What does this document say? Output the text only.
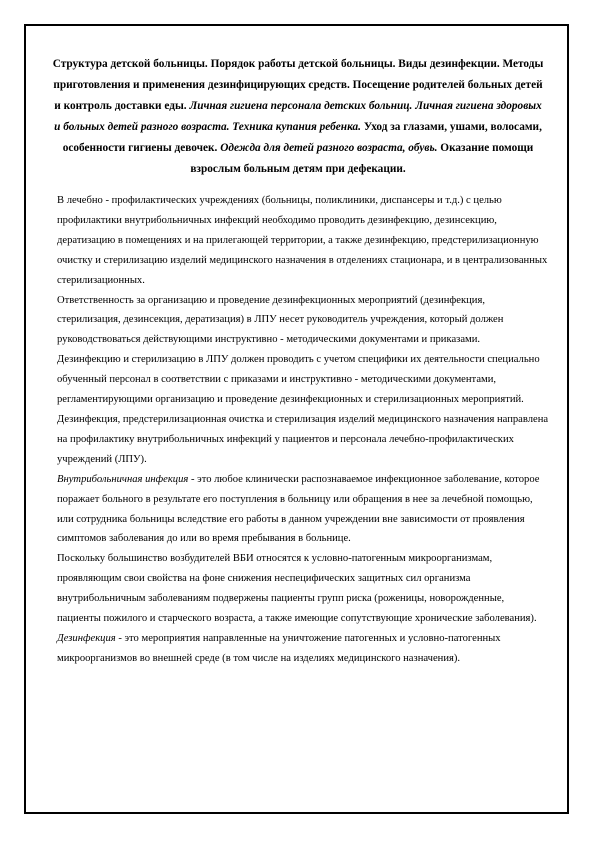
Структура детской больницы. Порядок работы детской больницы. Виды дезинфекции. Методы приготовления и применения дезинфицирующих средств. Посещение родителей больных детей и контроль доставки еды. Личная гигиена персонала детских больниц. Личная гигиена здоровых и больных детей разного возраста. Техника купания ребенка. Уход за глазами, ушами, волосами, особенности гигиены девочек. Одежда для детей разного возраста, обувь. Оказание помощи взрослым больным детям при дефекации.

В лечебно - профилактических учреждениях (больницы, поликлиники, диспансеры и т.д.) с целью профилактики внутрибольничных инфекций необходимо проводить дезинфекцию, дезинсекцию, дератизацию в помещениях и на прилегающей территории, а также дезинфекцию, предстерилизационную очистку и стерилизацию изделий медицинского назначения в отделениях стационара, и в централизованных стерилизационных.

Ответственность за организацию и проведение дезинфекционных мероприятий (дезинфекция, стерилизация, дезинсекция, дератизация) в ЛПУ несет руководитель учреждения, который должен руководствоваться действующими инструктивно - методическими документами и приказами.

Дезинфекцию и стерилизацию в ЛПУ должен проводить с учетом специфики их деятельности специально обученный персонал в соответствии с приказами и инструктивно - методическими документами, регламентирующими организацию и проведение дезинфекционных и стерилизационных мероприятий.

Дезинфекция, предстерилизационная очистка и стерилизация изделий медицинского назначения направлена на профилактику внутрибольничных инфекций у пациентов и персонала лечебно-профилактических учреждений (ЛПУ).

Внутрибольничная инфекция - это любое клинически распознаваемое инфекционное заболевание, которое поражает больного в результате его поступления в больницу или обращения в нее за лечебной помощью, или сотрудника больницы вследствие его работы в данном учреждении вне зависимости от проявления симптомов заболевания до или во время пребывания в больнице.

Поскольку большинство возбудителей ВБИ относятся к условно-патогенным микроорганизмам, проявляющим свои свойства на фоне снижения неспецифических защитных сил организма внутрибольничным заболеваниям подвержены пациенты групп риска (роженицы, новорожденные, пациенты пожилого и старческого возраста, а также имеющие сопутствующие хронические заболевания).

Дезинфекция - это мероприятия направленные на уничтожение патогенных и условно-патогенных микроорганизмов во внешней среде (в том числе на изделиях медицинского назначения).
